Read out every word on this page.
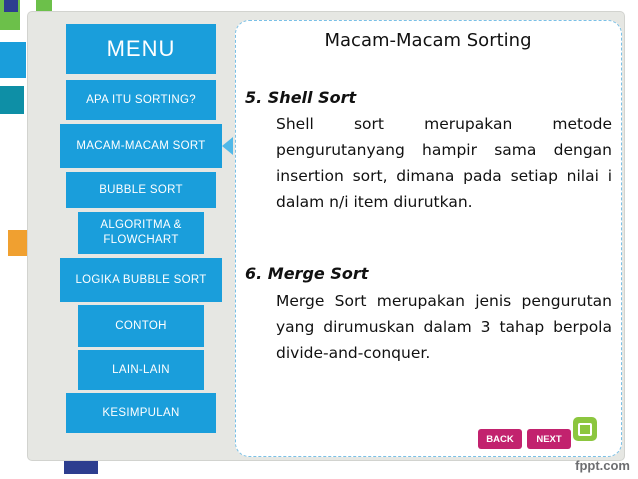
MENU
APA ITU SORTING?
MACAM-MACAM SORT
BUBBLE SORT
ALGORITMA & FLOWCHART
LOGIKA BUBBLE SORT
CONTOH
LAIN-LAIN
KESIMPULAN
Macam-Macam Sorting
5. Shell Sort
Shell sort merupakan metode pengurutanyang hampir sama dengan insertion sort, dimana pada setiap nilai i dalam n/i item diurutkan.
6. Merge Sort
Merge Sort merupakan jenis pengurutan yang dirumuskan dalam 3 tahap berpola divide-and-conquer.
BACK	NEXT
fppt.com
